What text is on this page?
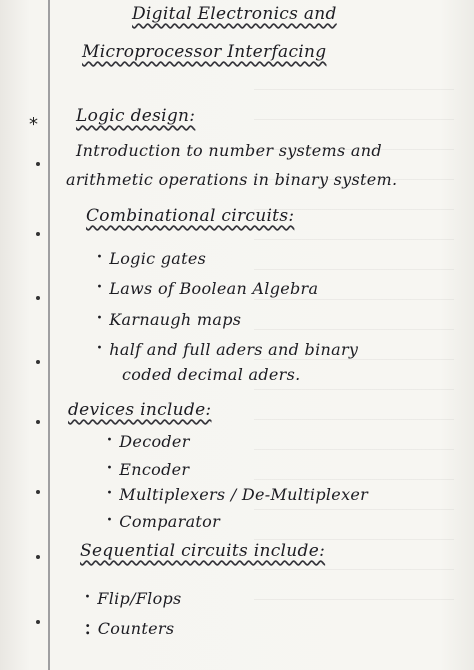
*
Digital Electronics and
Microprocessor Interfacing
Logic design:
Introduction to number systems and
arithmetic operations in binary system.
Combinational circuits:
· Logic gates
· Laws of Boolean Algebra
· Karnaugh maps
· half and full aders and binary
coded decimal aders.
devices include:
· Decoder
· Encoder
· Multiplexers / De-Multiplexer
· Comparator
Sequential circuits include:
· Flip/Flops
: Counters
